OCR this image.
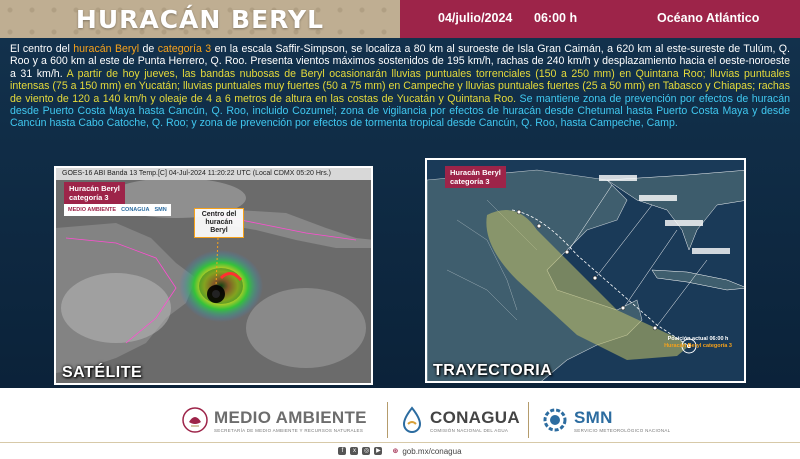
HURACÁN BERYL	04/julio/2024 06:00 h	Océano Atlántico
El centro del huracán Beryl de categoría 3 en la escala Saffir-Simpson, se localiza a 80 km al suroeste de Isla Gran Caimán, a 620 km al este-sureste de Tulúm, Q. Roo y a 600 km al este de Punta Herrero, Q. Roo. Presenta vientos máximos sostenidos de 195 km/h, rachas de 240 km/h y desplazamiento hacia el oeste-noroeste a 31 km/h. A partir de hoy jueves, las bandas nubosas de Beryl ocasionarán lluvias puntuales torrenciales (150 a 250 mm) en Quintana Roo; lluvias puntuales intensas (75 a 150 mm) en Yucatán; lluvias puntuales muy fuertes (50 a 75 mm) en Campeche y lluvias puntuales fuertes (25 a 50 mm) en Tabasco y Chiapas; rachas de viento de 120 a 140 km/h y oleaje de 4 a 6 metros de altura en las costas de Yucatán y Quintana Roo. Se mantiene zona de prevención por efectos de huracán desde Puerto Costa Maya hasta Cancún, Q. Roo, incluido Cozumel; zona de vigilancia por efectos de huracán desde Chetumal hasta Puerto Costa Maya y desde Cancún hasta Cabo Catoche, Q. Roo; y zona de prevención por efectos de tormenta tropical desde Cancún, Q. Roo, hasta Campeche, Camp.
GOES-16 ABI Banda 13 Temp.[C] 04-Jul-2024 11:20:22 UTC (Local CDMX 05:20 Hrs.)
Huracán Beryl
categoría 3
MEDIO AMBIENTE CONAGUA SMN
Centro del huracán Beryl
SATÉLITE
Huracán Beryl
categoría 3
Posición actual 06:00 h
Huracán Beryl categoría 3
TRAYECTORIA
MEDIO AMBIENTE
SECRETARÍA DE MEDIO AMBIENTE Y RECURSOS NATURALES
CONAGUA
COMISIÓN NACIONAL DEL AGUA
SMN
SERVICIO METEOROLÓGICO NACIONAL
f	x	◎ ▶ ⊛ gob.mx/conagua
